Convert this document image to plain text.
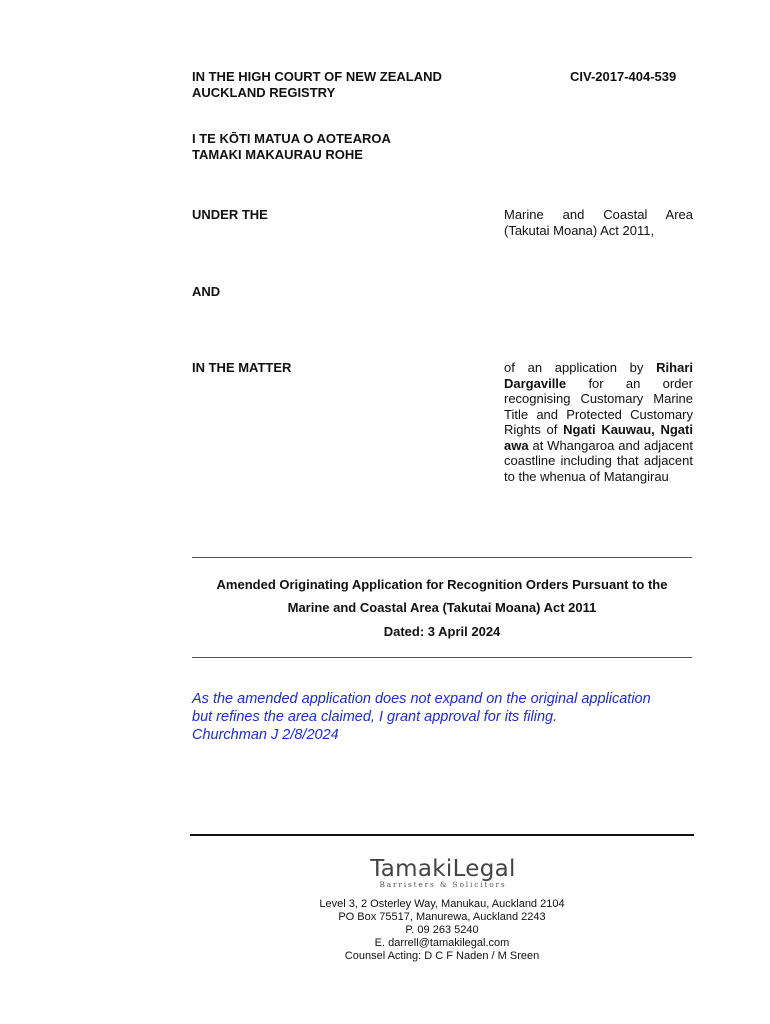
IN THE HIGH COURT OF NEW ZEALAND
AUCKLAND REGISTRY
CIV-2017-404-539
I TE KŌTI MATUA O AOTEAROA
TAMAKI MAKAURAU ROHE
UNDER THE	Marine and Coastal Area
(Takutai Moana) Act 2011,
AND
IN THE MATTER	of an application by Rihari Dargaville for an order recognising Customary Marine Title and Protected Customary Rights of Ngati Kauwau, Ngati awa at Whangaroa and adjacent coastline including that adjacent to the whenua of Matangirau
Amended Originating Application for Recognition Orders Pursuant to the
Marine and Coastal Area (Takutai Moana) Act 2011
Dated: 3 April 2024
As the amended application does not expand on the original application
but refines the area claimed, I grant approval for its filing.
Churchman J 2/8/2024
TamakiLegal
Barristers & Solicitors
Level 3, 2 Osterley Way, Manukau, Auckland 2104
PO Box 75517, Manurewa, Auckland 2243
P. 09 263 5240
E. darrell@tamakilegal.com
Counsel Acting: D C F Naden / M Sreen
